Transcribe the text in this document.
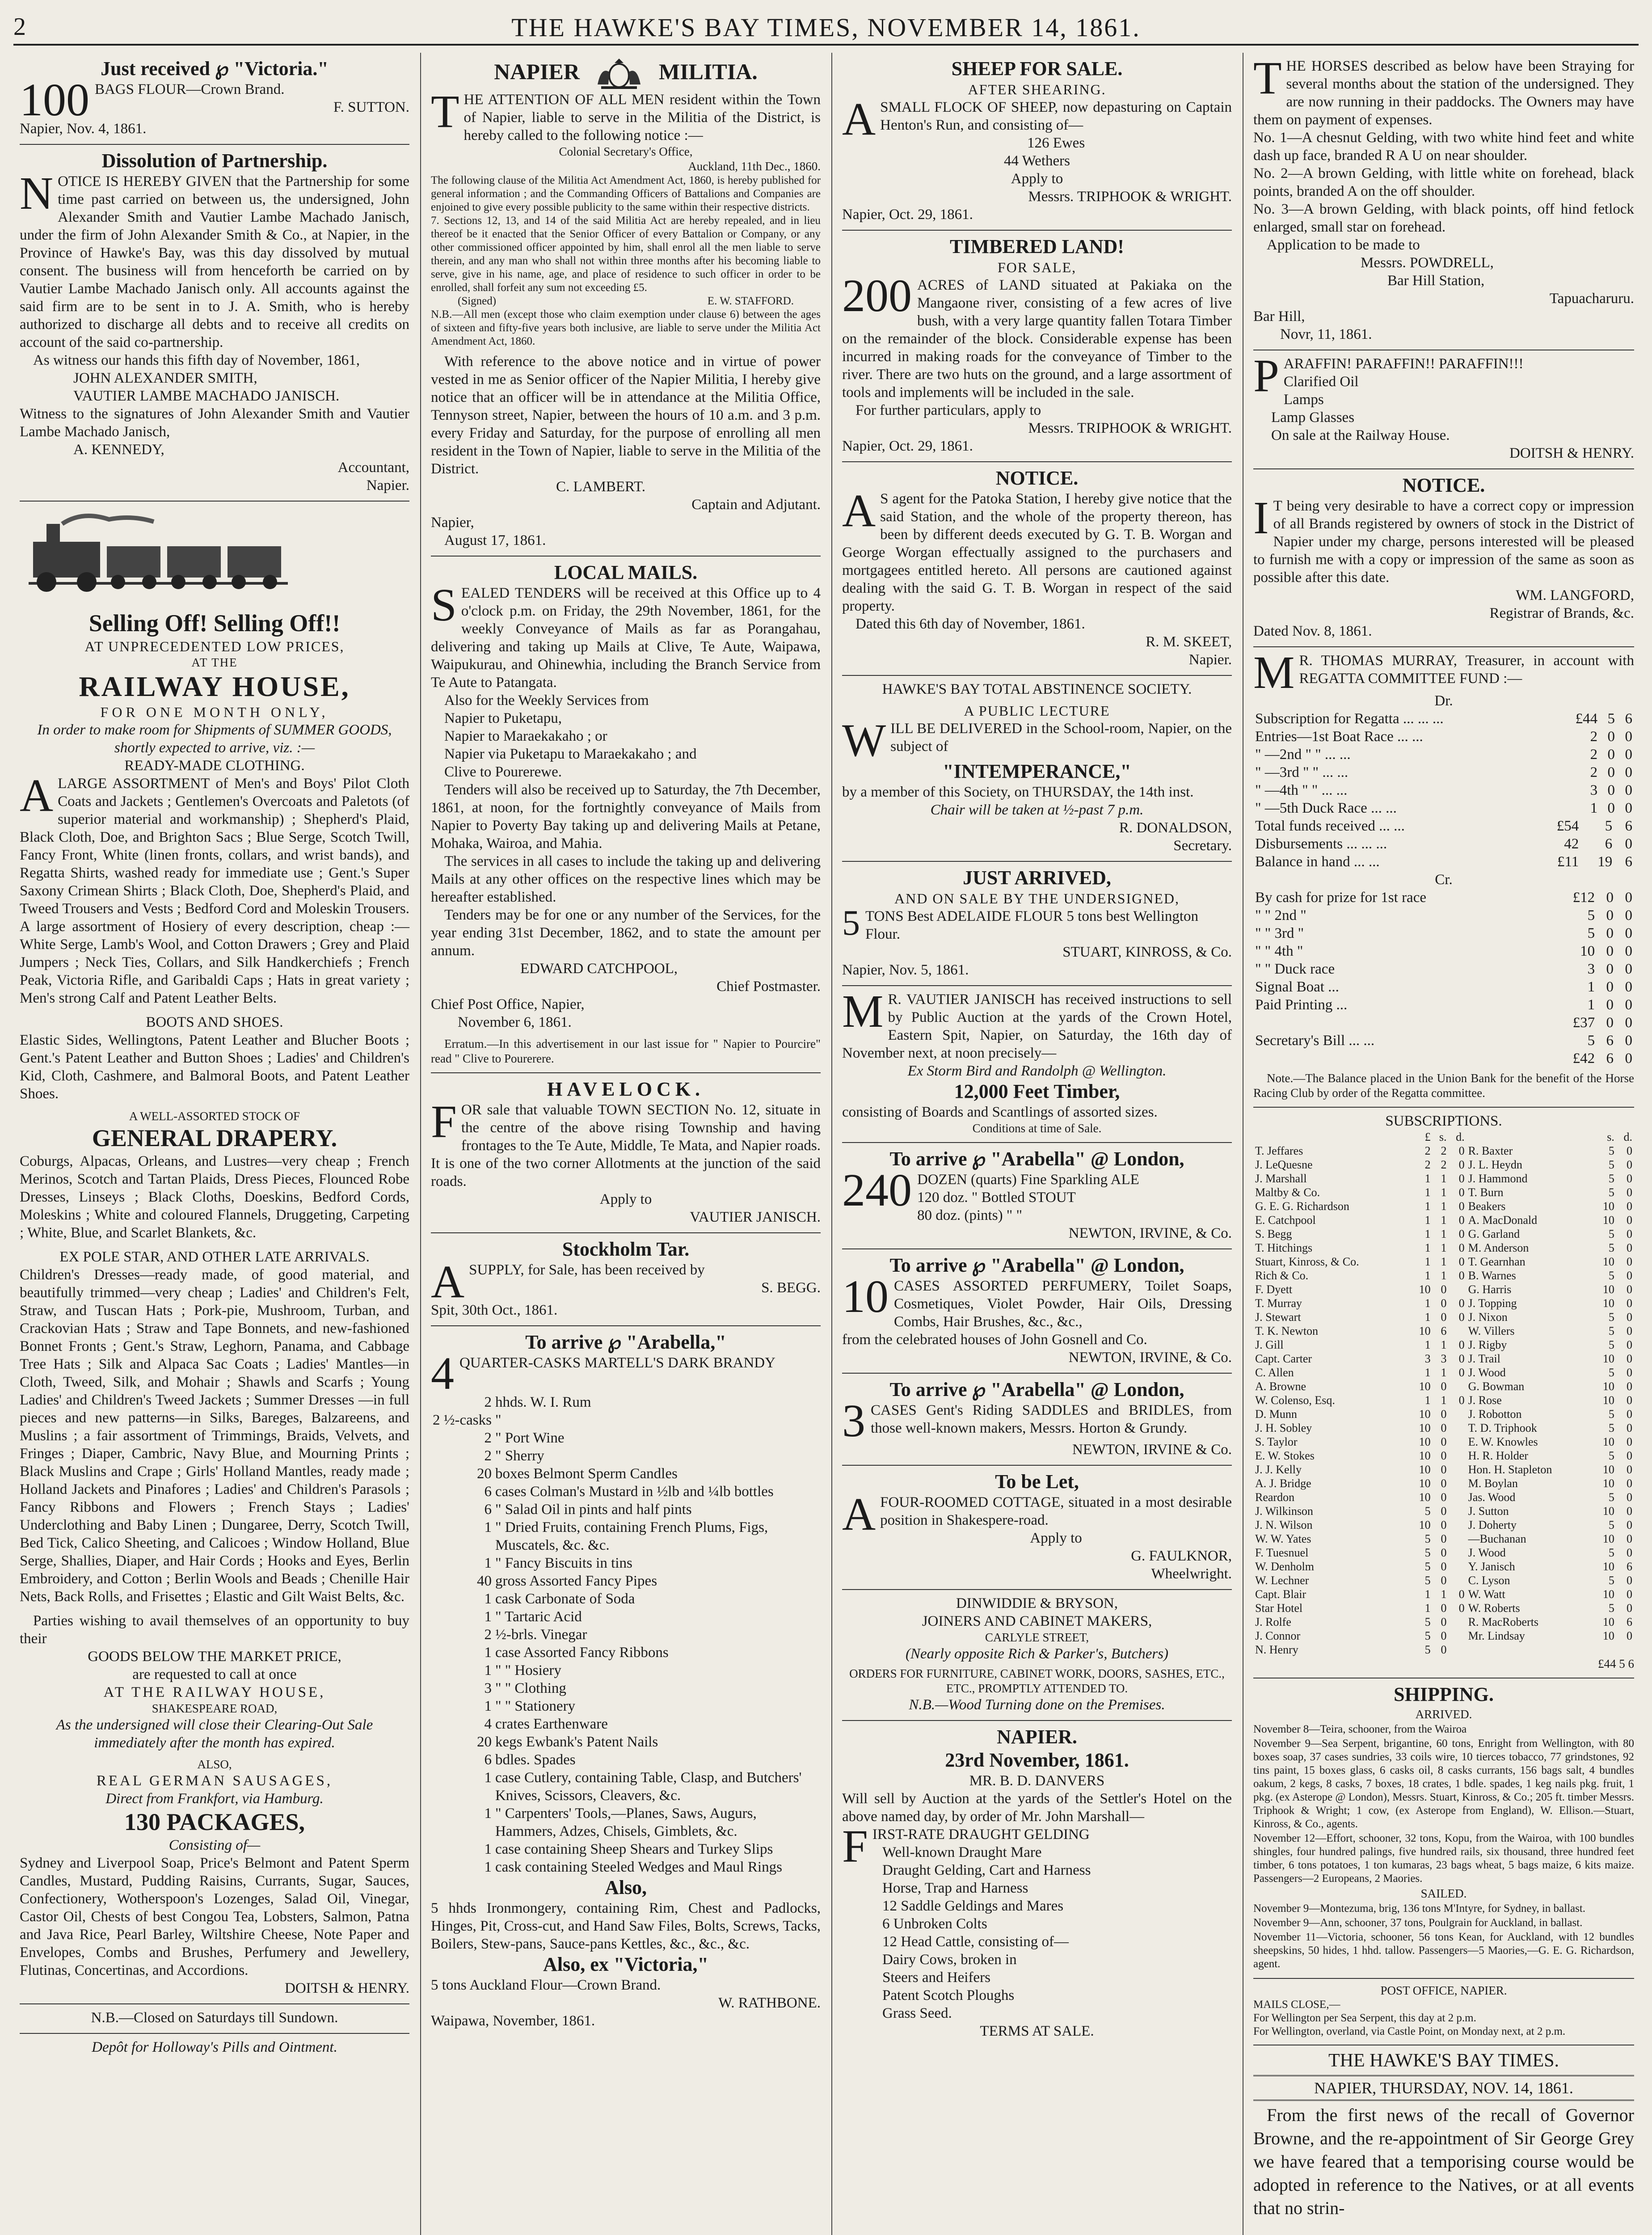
2	THE HAWKE'S BAY TIMES, NOVEMBER 14, 1861.
Just received ℘ "Victoria."
100 BAGS FLOUR—Crown Brand.
F. SUTTON.
Napier, Nov. 4, 1861.
Dissolution of Partnership.
NOTICE IS HEREBY GIVEN that the Partnership for some time past carried on between us, the undersigned, John Alexander Smith and Vautier Lambe Machado Janisch, under the firm of John Alexander Smith & Co., at Napier, in the Province of Hawke's Bay, was this day dissolved by mutual consent. The business will from henceforth be carried on by Vautier Lambe Machado Janisch only. All accounts against the said firm are to be sent in to J. A. Smith, who is hereby authorized to discharge all debts and to receive all credits on account of the said co-partnership.
As witness our hands this fifth day of November, 1861,
JOHN ALEXANDER SMITH,
VAUTIER LAMBE MACHADO JANISCH.
Witness to the signatures of John Alexander Smith and Vautier Lambe Machado Janisch,
A. KENNEDY,
Accountant,
Napier.
Selling Off! Selling Off!!
AT UNPRECEDENTED LOW PRICES,
AT THE
RAILWAY HOUSE,
FOR ONE MONTH ONLY,
In order to make room for Shipments of SUMMER GOODS, shortly expected to arrive, viz. :—
READY-MADE CLOTHING.
ALARGE ASSORTMENT of Men's and Boys' Pilot Cloth Coats and Jackets ; Gentlemen's Overcoats and Paletots (of superior material and workmanship) ; Shepherd's Plaid, Black Cloth, Doe, and Brighton Sacs ; Blue Serge, Scotch Twill, Fancy Front, White (linen fronts, collars, and wrist bands), and Regatta Shirts, washed ready for immediate use ; Gent.'s Super Saxony Crimean Shirts ; Black Cloth, Doe, Shepherd's Plaid, and Tweed Trousers and Vests ; Bedford Cord and Moleskin Trousers. A large assortment of Hosiery of every description, cheap :—White Serge, Lamb's Wool, and Cotton Drawers ; Grey and Plaid Jumpers ; Neck Ties, Collars, and Silk Handkerchiefs ; French Peak, Victoria Rifle, and Garibaldi Caps ; Hats in great variety ; Men's strong Calf and Patent Leather Belts.
BOOTS AND SHOES.
Elastic Sides, Wellingtons, Patent Leather and Blucher Boots ; Gent.'s Patent Leather and Button Shoes ; Ladies' and Children's Kid, Cloth, Cashmere, and Balmoral Boots, and Patent Leather Shoes.
A WELL-ASSORTED STOCK OF
GENERAL DRAPERY.
Coburgs, Alpacas, Orleans, and Lustres—very cheap ; French Merinos, Scotch and Tartan Plaids, Dress Pieces, Flounced Robe Dresses, Linseys ; Black Cloths, Doeskins, Bedford Cords, Moleskins ; White and coloured Flannels, Druggeting, Carpeting ; White, Blue, and Scarlet Blankets, &c.
EX POLE STAR, AND OTHER LATE ARRIVALS.
Children's Dresses—ready made, of good material, and beautifully trimmed—very cheap ; Ladies' and Children's Felt, Straw, and Tuscan Hats ; Pork-pie, Mushroom, Turban, and Crackovian Hats ; Straw and Tape Bonnets, and new-fashioned Bonnet Fronts ; Gent.'s Straw, Leghorn, Panama, and Cabbage Tree Hats ; Silk and Alpaca Sac Coats ; Ladies' Mantles—in Cloth, Tweed, Silk, and Mohair ; Shawls and Scarfs ; Young Ladies' and Children's Tweed Jackets ; Summer Dresses —in full pieces and new patterns—in Silks, Bareges, Balzareens, and Muslins ; a fair assortment of Trimmings, Braids, Velvets, and Fringes ; Diaper, Cambric, Navy Blue, and Mourning Prints ; Black Muslins and Crape ; Girls' Holland Mantles, ready made ; Holland Jackets and Pinafores ; Ladies' and Children's Parasols ; Fancy Ribbons and Flowers ; French Stays ; Ladies' Underclothing and Baby Linen ; Dungaree, Derry, Scotch Twill, Bed Tick, Calico Sheeting, and Calicoes ; Window Holland, Blue Serge, Shallies, Diaper, and Hair Cords ; Hooks and Eyes, Berlin Embroidery, and Cotton ; Berlin Wools and Beads ; Chenille Hair Nets, Back Rolls, and Frisettes ; Elastic and Gilt Waist Belts, &c.
Parties wishing to avail themselves of an opportunity to buy their
GOODS BELOW THE MARKET PRICE,
are requested to call at once
AT THE RAILWAY HOUSE,
SHAKESPEARE ROAD,
As the undersigned will close their Clearing-Out Sale immediately after the month has expired.
ALSO,
REAL GERMAN SAUSAGES,
Direct from Frankfort, via Hamburg.
130 PACKAGES,
Consisting of—
Sydney and Liverpool Soap, Price's Belmont and Patent Sperm Candles, Mustard, Pudding Raisins, Currants, Sugar, Sauces, Confectionery, Wotherspoon's Lozenges, Salad Oil, Vinegar, Castor Oil, Chests of best Congou Tea, Lobsters, Salmon, Patna and Java Rice, Pearl Barley, Wiltshire Cheese, Note Paper and Envelopes, Combs and Brushes, Perfumery and Jewellery, Flutinas, Concertinas, and Accordions.
DOITSH & HENRY.
N.B.—Closed on Saturdays till Sundown.
Depôt for Holloway's Pills and Ointment.
NAPIER	MILITIA.
THE ATTENTION OF ALL MEN resident within the Town of Napier, liable to serve in the Militia of the District, is hereby called to the following notice :—
Colonial Secretary's Office,
Auckland, 11th Dec., 1860.
The following clause of the Militia Act Amendment Act, 1860, is hereby published for general information ; and the Commanding Officers of Battalions and Companies are enjoined to give every possible publicity to the same within their respective districts.
7. Sections 12, 13, and 14 of the said Militia Act are hereby repealed, and in lieu thereof be it enacted that the Senior Officer of every Battalion or Company, or any other commissioned officer appointed by him, shall enrol all the men liable to serve therein, and any man who shall not within three months after his becoming liable to serve, give in his name, age, and place of residence to such officer in order to be enrolled, shall forfeit any sum not exceeding £5.
(Signed)	E. W. STAFFORD.
N.B.—All men (except those who claim exemption under clause 6) between the ages of sixteen and fifty-five years both inclusive, are liable to serve under the Militia Act Amendment Act, 1860.
With reference to the above notice and in virtue of power vested in me as Senior officer of the Napier Militia, I hereby give notice that an officer will be in attendance at the Militia Office, Tennyson street, Napier, between the hours of 10 a.m. and 3 p.m. every Friday and Saturday, for the purpose of enrolling all men resident in the Town of Napier, liable to serve in the Militia of the District.
C. LAMBERT.
Captain and Adjutant.
Napier,
August 17, 1861.
LOCAL MAILS.
SEALED TENDERS will be received at this Office up to 4 o'clock p.m. on Friday, the 29th November, 1861, for the weekly Conveyance of Mails as far as Porangahau, delivering and taking up Mails at Clive, Te Aute, Waipawa, Waipukurau, and Ohinewhia, including the Branch Service from Te Aute to Patangata.
Also for the Weekly Services from
Napier to Puketapu,
Napier to Maraekakaho ; or
Napier via Puketapu to Maraekakaho ; and
Clive to Pourerewe.
Tenders will also be received up to Saturday, the 7th December, 1861, at noon, for the fortnightly conveyance of Mails from Napier to Poverty Bay taking up and delivering Mails at Petane, Mohaka, Wairoa, and Mahia.
The services in all cases to include the taking up and delivering Mails at any other offices on the respective lines which may be hereafter established.
Tenders may be for one or any number of the Services, for the year ending 31st December, 1862, and to state the amount per annum.
EDWARD CATCHPOOL,
Chief Postmaster.
Chief Post Office, Napier,
November 6, 1861.
Erratum.—In this advertisement in our last issue for " Napier to Pourcire" read " Clive to Pourerere.
HAVELOCK.
FOR sale that valuable TOWN SECTION No. 12, situate in the centre of the above rising Township and having frontages to the Te Aute, Middle, Te Mata, and Napier roads. It is one of the two corner Allotments at the junction of the said roads.
Apply to
VAUTIER JANISCH.
Stockholm Tar.
ASUPPLY, for Sale, has been received by
S. BEGG.
Spit, 30th Oct., 1861.
To arrive ℘ "Arabella,"
4 QUARTER-CASKS MARTELL'S DARK BRANDY
2	hhds. W. I. Rum
2 ½-casks	"
2	" Port Wine
2	" Sherry
20	boxes Belmont Sperm Candles
6	cases Colman's Mustard in ½lb and ¼lb bottles
6	" Salad Oil in pints and half pints
1	" Dried Fruits, containing French Plums, Figs, Muscatels, &c. &c.
1	" Fancy Biscuits in tins
40	gross Assorted Fancy Pipes
1	cask Carbonate of Soda
1	" Tartaric Acid
2	½-brls. Vinegar
1	case Assorted Fancy Ribbons
1	" " Hosiery
3	" " Clothing
1	" " Stationery
4	crates Earthenware
20	kegs Ewbank's Patent Nails
6	bdles. Spades
1	case Cutlery, containing Table, Clasp, and Butchers' Knives, Scissors, Cleavers, &c.
1	" Carpenters' Tools,—Planes, Saws, Augurs, Hammers, Adzes, Chisels, Gimblets, &c.
1	case containing Sheep Shears and Turkey Slips
1	cask containing Steeled Wedges and Maul Rings
Also,
5 hhds Ironmongery, containing Rim, Chest and Padlocks, Hinges, Pit, Cross-cut, and Hand Saw Files, Bolts, Screws, Tacks, Boilers, Stew-pans, Sauce-pans Kettles, &c., &c., &c.
Also, ex "Victoria,"
5 tons Auckland Flour—Crown Brand.
W. RATHBONE.
Waipawa, November, 1861.
SHEEP FOR SALE.
AFTER SHEARING.
ASMALL FLOCK OF SHEEP, now depasturing on Captain Henton's Run, and consisting of—
126 Ewes
44 Wethers
Apply to
Messrs. TRIPHOOK & WRIGHT.
Napier, Oct. 29, 1861.
TIMBERED LAND!
FOR SALE,
200 ACRES of LAND situated at Pakiaka on the Mangaone river, consisting of a few acres of live bush, with a very large quantity fallen Totara Timber on the remainder of the block. Considerable expense has been incurred in making roads for the conveyance of Timber to the river. There are two huts on the ground, and a large assortment of tools and implements will be included in the sale.
For further particulars, apply to
Messrs. TRIPHOOK & WRIGHT.
Napier, Oct. 29, 1861.
NOTICE.
A S agent for the Patoka Station, I hereby give notice that the said Station, and the whole of the property thereon, has been by different deeds executed by G. T. B. Worgan and George Worgan effectually assigned to the purchasers and mortgagees entitled hereto. All persons are cautioned against dealing with the said G. T. B. Worgan in respect of the said property.
Dated this 6th day of November, 1861.
R. M. SKEET,
Napier.
HAWKE'S BAY TOTAL ABSTINENCE SOCIETY.
A PUBLIC LECTURE
WILL BE DELIVERED in the School-room, Napier, on the subject of
"INTEMPERANCE,"
by a member of this Society, on THURSDAY, the 14th inst.
Chair will be taken at ½-past 7 p.m.
R. DONALDSON,
Secretary.
JUST ARRIVED,
AND ON SALE BY THE UNDERSIGNED,
5 TONS Best ADELAIDE FLOUR 5 tons best Wellington Flour.
STUART, KINROSS, & Co.
Napier, Nov. 5, 1861.
M R. VAUTIER JANISCH has received instructions to sell by Public Auction at the yards of the Crown Hotel, Eastern Spit, Napier, on Saturday, the 16th day of November next, at noon precisely—
Ex Storm Bird and Randolph @ Wellington.
12,000 Feet Timber,
consisting of Boards and Scantlings of assorted sizes.
Conditions at time of Sale.
To arrive ℘ "Arabella" @ London,
240 DOZEN (quarts) Fine Sparkling ALE
120 doz. " Bottled STOUT
80 doz. (pints) " "
NEWTON, IRVINE, & Co.
To arrive ℘ "Arabella" @ London,
10 CASES ASSORTED PERFUMERY, Toilet Soaps, Cosmetiques, Violet Powder, Hair Oils, Dressing Combs, Hair Brushes, &c., &c.,
from the celebrated houses of John Gosnell and Co.
NEWTON, IRVINE, & Co.
To arrive ℘ "Arabella" @ London,
3 CASES Gent's Riding SADDLES and BRIDLES, from those well-known makers, Messrs. Horton & Grundy.
NEWTON, IRVINE & Co.
To be Let,
AFOUR-ROOMED COTTAGE, situated in a most desirable position in Shakespere-road.
Apply to
G. FAULKNOR,
Wheelwright.
DINWIDDIE & BRYSON,
JOINERS AND CABINET MAKERS,
CARLYLE STREET,
(Nearly opposite Rich & Parker's, Butchers)
ORDERS FOR FURNITURE, CABINET WORK, DOORS, SASHES, ETC., ETC., PROMPTLY ATTENDED TO.
N.B.—Wood Turning done on the Premises.
NAPIER.
23rd November, 1861.
MR. B. D. DANVERS
Will sell by Auction at the yards of the Settler's Hotel on the above named day, by order of Mr. John Marshall—
FIRST-RATE DRAUGHT GELDING
Well-known Draught Mare
Draught Gelding, Cart and Harness
Horse, Trap and Harness
12 Saddle Geldings and Mares
6 Unbroken Colts
12 Head Cattle, consisting of—
Dairy Cows, broken in
Steers and Heifers
Patent Scotch Ploughs
Grass Seed.
TERMS AT SALE.
THE HORSES described as below have been Straying for several months about the station of the undersigned. They are now running in their paddocks. The Owners may have them on payment of expenses.
No. 1—A chesnut Gelding, with two white hind feet and white dash up face, branded R A U on near shoulder.
No. 2—A brown Gelding, with little white on forehead, black points, branded A on the off shoulder.
No. 3—A brown Gelding, with black points, off hind fetlock enlarged, small star on forehead.
Application to be made to
Messrs. POWDRELL,
Bar Hill Station,
Tapuacharuru.
Bar Hill,
Novr, 11, 1861.
PARAFFIN! PARAFFIN!! PARAFFIN!!!
Clarified Oil
Lamps
Lamp Glasses
On sale at the Railway House.
DOITSH & HENRY.
NOTICE.
I T being very desirable to have a correct copy or impression of all Brands registered by owners of stock in the District of Napier under my charge, persons interested will be pleased to furnish me with a copy or impression of the same as soon as possible after this date.
WM. LANGFORD,
Registrar of Brands, &c.
Dated Nov. 8, 1861.
M R. THOMAS MURRAY, Treasurer, in account with REGATTA COMMITTEE FUND :—
Dr.
Subscription for Regatta ... ... ...	£44	5	6
Entries—1st Boat Race ... ...	2	0	0
" —2nd " " ... ...	2	0	0
" —3rd " " ... ...	2	0	0
" —4th " " ... ...	3	0	0
" —5th Duck Race ... ...	1	0	0
Total funds received ... ...	£54	5	6
Disbursements ... ... ...	42	6	0
Balance in hand ... ...	£11	19	6
Cr.
By cash for prize for 1st race	£12	0	0
" " 2nd "	5	0	0
" " 3rd "	5	0	0
" " 4th "	10	0	0
" " Duck race	3	0	0
Signal Boat ...	1	0	0
Paid Printing ...	1	0	0
	£37	0	0
Secretary's Bill ... ...	5	6	0
	£42	6	0
Note.—The Balance placed in the Union Bank for the benefit of the Horse Racing Club by order of the Regatta committee.
SUBSCRIPTIONS.
	£	s.	d.		s.	d.
T. Jeffares	2	2	0	R. Baxter	5	0
J. LeQuesne	2	2	0	J. L. Heydn	5	0
J. Marshall	1	1	0	J. Hammond	5	0
Maltby & Co.	1	1	0	T. Burn	5	0
G. E. G. Richardson	1	1	0	Beakers	10	0
E. Catchpool	1	1	0	A. MacDonald	10	0
S. Begg	1	1	0	G. Garland	5	0
T. Hitchings	1	1	0	M. Anderson	5	0
Stuart, Kinross, & Co.	1	1	0	T. Gearnhan	10	0
Rich & Co.	1	1	0	B. Warnes	5	0
F. Dyett	10	0		G. Harris	10	0
T. Murray	1	0	0	J. Topping	10	0
J. Stewart	1	0	0	J. Nixon	5	0
T. K. Newton	10	6		W. Villers	5	0
J. Gill	1	1	0	J. Rigby	5	0
Capt. Carter	3	3	0	J. Trail	10	0
C. Allen	1	1	0	J. Wood	5	0
A. Browne	10	0		G. Bowman	10	0
W. Colenso, Esq.	1	1	0	J. Rose	10	0
D. Munn	10	0		J. Robotton	5	0
J. H. Sobley	10	0		T. D. Triphook	5	0
S. Taylor	10	0		E. W. Knowles	10	0
E. W. Stokes	10	0		H. R. Holder	5	0
J. J. Kelly	10	0		Hon. H. Stapleton	10	0
A. J. Bridge	10	0		M. Boylan	10	0
Reardon	10	0		Jas. Wood	5	0
J. Wilkinson	5	0		J. Sutton	10	0
J. N. Wilson	10	0		J. Doherty	5	0
W. W. Yates	5	0		—Buchanan	10	0
F. Tuesnuel	5	0		J. Wood	5	0
W. Denholm	5	0		Y. Janisch	10	6
W. Lechner	5	0		C. Lyson	5	0
Capt. Blair	1	1	0	W. Watt	10	0
Star Hotel	1	0	0	W. Roberts	5	0
J. Rolfe	5	0		R. MacRoberts	10	6
J. Connor	5	0		Mr. Lindsay	10	0
N. Henry	5	0				
£44 5 6
SHIPPING.
ARRIVED.
November 8—Teira, schooner, from the Wairoa
November 9—Sea Serpent, brigantine, 60 tons, Enright from Wellington, with 80 boxes soap, 37 cases sundries, 33 coils wire, 10 tierces tobacco, 77 grindstones, 92 tins paint, 15 boxes glass, 6 casks oil, 8 casks currants, 156 bags salt, 4 bundles oakum, 2 kegs, 8 casks, 7 boxes, 18 crates, 1 bdle. spades, 1 keg nails pkg. fruit, 1 pkg. (ex Asterope @ London), Messrs. Stuart, Kinross, & Co.; 205 ft. timber Messrs. Triphook & Wright; 1 cow, (ex Asterope from England), W. Ellison.—Stuart, Kinross, & Co., agents.
November 12—Effort, schooner, 32 tons, Kopu, from the Wairoa, with 100 bundles shingles, four hundred palings, five hundred rails, six thousand, three hundred feet timber, 6 tons potatoes, 1 ton kumaras, 23 bags wheat, 5 bags maize, 6 kits maize. Passengers—2 Europeans, 2 Maories.
SAILED.
November 9—Montezuma, brig, 136 tons M'Intyre, for Sydney, in ballast.
November 9—Ann, schooner, 37 tons, Poulgrain for Auckland, in ballast.
November 11—Victoria, schooner, 56 tons Kean, for Auckland, with 12 bundles sheepskins, 50 hides, 1 hhd. tallow. Passengers—5 Maories,—G. E. G. Richardson, agent.
POST OFFICE, NAPIER.
MAILS CLOSE,—
For Wellington per Sea Serpent, this day at 2 p.m.
For Wellington, overland, via Castle Point, on Monday next, at 2 p.m.
THE HAWKE'S BAY TIMES.
NAPIER, THURSDAY, NOV. 14, 1861.
From the first news of the recall of Governor Browne, and the re-appointment of Sir George Grey we have feared that a temporising course would be adopted in reference to the Natives, or at all events that no strin-
